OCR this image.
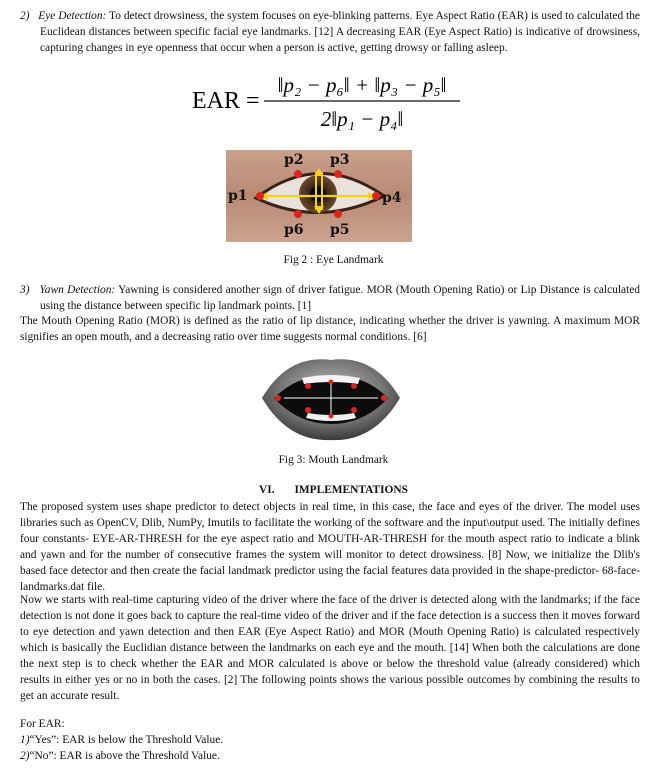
2) Eye Detection: To detect drowsiness, the system focuses on eye-blinking patterns. Eye Aspect Ratio (EAR) is used to calculated the Euclidean distances between specific facial eye landmarks. [12] A decreasing EAR (Eye Aspect Ratio) is indicative of drowsiness, capturing changes in eye openness that occur when a person is active, getting drowsy or falling asleep.

EAR =
‖p₂ − p₆‖ + ‖p₃ − p₅‖
2‖p₁ − p₄‖
p2 p3
p1	p4
p6 p5
Fig 2 : Eye Landmark

3) Yawn Detection: Yawning is considered another sign of driver fatigue. MOR (Mouth Opening Ratio) or Lip Distance is calculated using the distance between specific lip landmark points. [1]

The Mouth Opening Ratio (MOR) is defined as the ratio of lip distance, indicating whether the driver is yawning. A maximum MOR signifies an open mouth, and a decreasing ratio over time suggests normal conditions. [6]

Fig 3: Mouth Landmark
VI.       IMPLEMENTATIONS

The proposed system uses shape predictor to detect objects in real time, in this case, the face and eyes of the driver. The model uses libraries such as OpenCV, Dlib, NumPy, Imutils to facilitate the working of the software and the input\output used. The initially defines four constants- EYE-AR-THRESH for the eye aspect ratio and MOUTH-AR-THRESH for the mouth aspect ratio to indicate a blink and yawn and for the number of consecutive frames the system will monitor to detect drowsiness. [8] Now, we initialize the Dlib's based face detector and then create the facial landmark predictor using the facial features data provided in the shape-predictor- 68-face-landmarks.dat file.

Now we starts with real-time capturing video of the driver where the face of the driver is detected along with the landmarks; if the face detection is not done it goes back to capture the real-time video of the driver and if the face detection is a success then it moves forward to eye detection and yawn detection and then EAR (Eye Aspect Ratio) and MOR (Mouth Opening Ratio) is calculated respectively which is basically the Euclidian distance between the landmarks on each eye and the mouth. [14] When both the calculations are done the next step is to check whether the EAR and MOR calculated is above or below the threshold value (already considered) which results in either yes or no in both the cases. [2] The following points shows the various possible outcomes by combining the results to get an accurate result.

For EAR:
1)“Yes”: EAR is below the Threshold Value.
2)“No”: EAR is above the Threshold Value.
